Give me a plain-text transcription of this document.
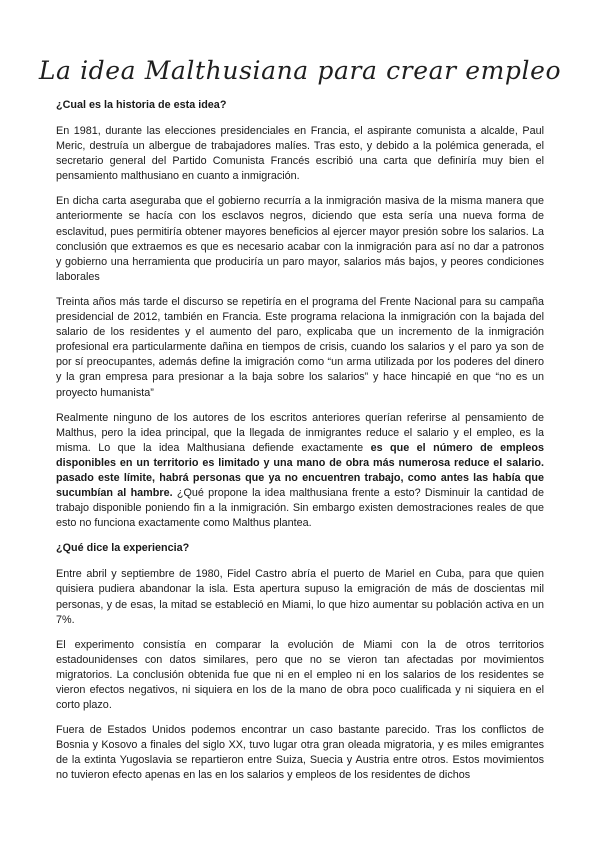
La idea Malthusiana para crear empleo

¿Cual es la historia de esta idea?

En 1981, durante las elecciones presidenciales en Francia, el aspirante comunista a alcalde, Paul Meric, destruía un albergue de trabajadores malíes. Tras esto, y debido a la polémica generada, el secretario general del Partido Comunista Francés escribió una carta que definiría muy bien el pensamiento malthusiano en cuanto a inmigración.

En dicha carta aseguraba que el gobierno recurría a la inmigración masiva de la misma manera que anteriormente se hacía con los esclavos negros, diciendo que esta sería una nueva forma de esclavitud, pues permitiría obtener mayores beneficios al ejercer mayor presión sobre los salarios. La conclusión que extraemos es que es necesario acabar con la inmigración para así no dar a patronos y gobierno una herramienta que produciría un paro mayor, salarios más bajos, y peores condiciones laborales

Treinta años más tarde el discurso se repetiría en el programa del Frente Nacional para su campaña presidencial de 2012, también en Francia. Este programa relaciona la inmigración con la bajada del salario de los residentes y el aumento del paro, explicaba que un incremento de la inmigración profesional era particularmente dañina en tiempos de crisis, cuando los salarios y el paro ya son de por sí preocupantes, además define la imigración como “un arma utilizada por los poderes del dinero y la gran empresa para presionar a la baja sobre los salarios” y hace hincapié en que “no es un proyecto humanista”

Realmente ninguno de los autores de los escritos anteriores querían referirse al pensamiento de Malthus, pero la idea principal, que la llegada de inmigrantes reduce el salario y el empleo, es la misma. Lo que la idea Malthusiana defiende exactamente es que el número de empleos disponibles en un territorio es limitado y una mano de obra más numerosa reduce el salario. pasado este límite, habrá personas que ya no encuentren trabajo, como antes las había que sucumbían al hambre. ¿Qué propone la idea malthusiana frente a esto? Disminuir la cantidad de trabajo disponible poniendo fin a la inmigración. Sin embargo existen demostraciones reales de que esto no funciona exactamente como Malthus plantea.

¿Qué dice la experiencia?

Entre abril y septiembre de 1980, Fidel Castro abría el puerto de Mariel en Cuba, para que quien quisiera pudiera abandonar la isla. Esta apertura supuso la emigración de más de doscientas mil personas, y de esas, la mitad se estableció en Miami, lo que hizo aumentar su población activa en un 7%.

El experimento consistía en comparar la evolución de Miami con la de otros territorios estadounidenses con datos similares, pero que no se vieron tan afectadas por movimientos migratorios. La conclusión obtenida fue que ni en el empleo ni en los salarios de los residentes se vieron efectos negativos, ni siquiera en los de la mano de obra poco cualificada y ni siquiera en el corto plazo.

Fuera de Estados Unidos podemos encontrar un caso bastante parecido. Tras los conflictos de Bosnia y Kosovo a finales del siglo XX, tuvo lugar otra gran oleada migratoria, y es miles emigrantes de la extinta Yugoslavia se repartieron entre Suiza, Suecia y Austria entre otros. Estos movimientos no tuvieron efecto apenas en las en los salarios y empleos de los residentes de dichos
